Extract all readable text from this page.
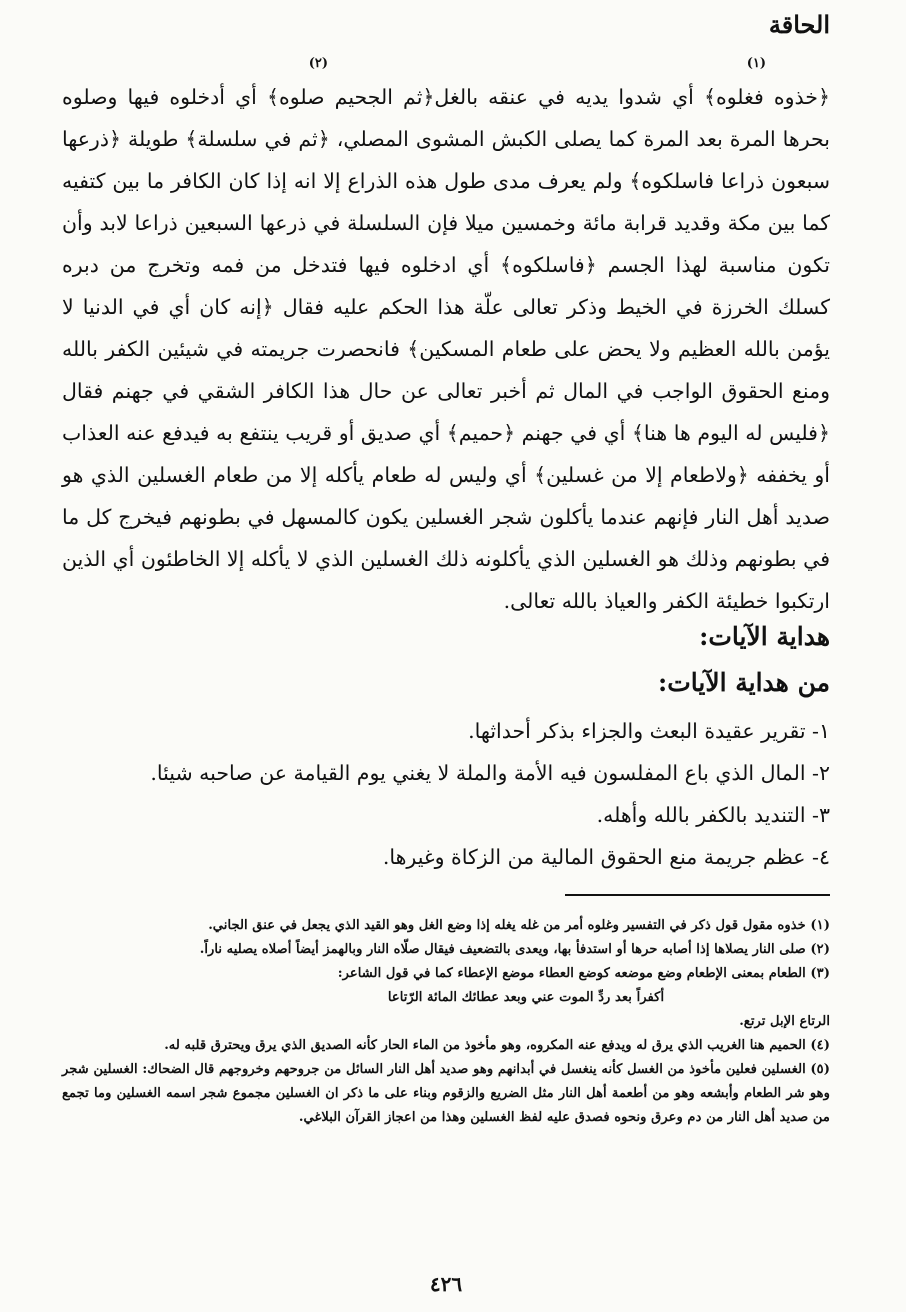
الحاقة
(١)
(٢)

﴿خذوه فغلوه﴾ أي شدوا يديه في عنقه بالغل﴿ثم الجحيم صلوه﴾ أي أدخلوه فيها وصلوه بحرها المرة بعد المرة كما يصلى الكبش المشوى المصلي، ﴿ثم في سلسلة﴾ طويلة ﴿ذرعها سبعون ذراعا فاسلكوه﴾ ولم يعرف مدى طول هذه الذراع إلا انه إذا كان الكافر ما بين كتفيه كما بين مكة وقديد قرابة مائة وخمسين ميلا فإن السلسلة في ذرعها السبعين ذراعا لابد وأن تكون مناسبة لهذا الجسم ﴿فاسلكوه﴾ أي ادخلوه فيها فتدخل من فمه وتخرج من دبره كسلك الخرزة في الخيط وذكر تعالى علّة هذا الحكم عليه فقال ﴿إنه كان أي في الدنيا لا يؤمن بالله العظيم ولا يحض على طعام المسكين﴾ فانحصرت جريمته في شيئين الكفر بالله ومنع الحقوق الواجب في المال ثم أخبر تعالى عن حال هذا الكافر الشقي في جهنم فقال ﴿فليس له اليوم ها هنا﴾ أي في جهنم ﴿حميم﴾ أي صديق أو قريب ينتفع به فيدفع عنه العذاب أو يخففه ﴿ولاطعام إلا من غسلين﴾ أي وليس له طعام يأكله إلا من طعام الغسلين الذي هو صديد أهل النار فإنهم عندما يأكلون شجر الغسلين يكون كالمسهل في بطونهم فيخرج كل ما في بطونهم وذلك هو الغسلين الذي يأكلونه ذلك الغسلين الذي لا يأكله إلا الخاطئون أي الذين ارتكبوا خطيئة الكفر والعياذ بالله تعالى.

هداية الآيات:
من هداية الآيات:
١- تقرير عقيدة البعث والجزاء بذكر أحداثها.
٢- المال الذي باع المفلسون فيه الأمة والملة لا يغني يوم القيامة عن صاحبه شيئا.
٣- التنديد بالكفر بالله وأهله.
٤- عظم جريمة منع الحقوق المالية من الزكاة وغيرها.

(١) خذوه مقول قول ذكر في التفسير وغلوه أمر من غله يغله إذا وضع الغل وهو القيد الذي يجعل في عنق الجاني.

(٢) صلى النار يصلاها إذا أصابه حرها أو استدفأ بها، ويعدى بالتضعيف فيقال صلّاه النار وبالهمز أيضاً أصلاه يصليه ناراً.

(٣) الطعام بمعنى الإطعام وضع موضعه كوضع العطاء موضع الإعطاء كما في قول الشاعر:

أكفراً بعد ردِّ الموت عني وبعد عطائك المائة الرّتاعا

الرتاع الإبل ترتع.

(٤) الحميم هنا الغريب الذي يرق له ويدفع عنه المكروه، وهو مأخوذ من الماء الحار كأنه الصديق الذي يرق ويحترق قلبه له.

(٥) الغسلين فعلين مأخوذ من الغسل كأنه ينغسل في أبدانهم وهو صديد أهل النار السائل من جروحهم وخروجهم قال الضحاك: الغسلين شجر وهو شر الطعام وأبشعه وهو من أطعمة أهل النار مثل الضريع والزقوم وبناء على ما ذكر ان الغسلين مجموع شجر اسمه الغسلين وما تجمع من صديد أهل النار من دم وعرق ونحوه فصدق عليه لفظ الغسلين وهذا من اعجاز القرآن البلاغي.

٤٢٦
